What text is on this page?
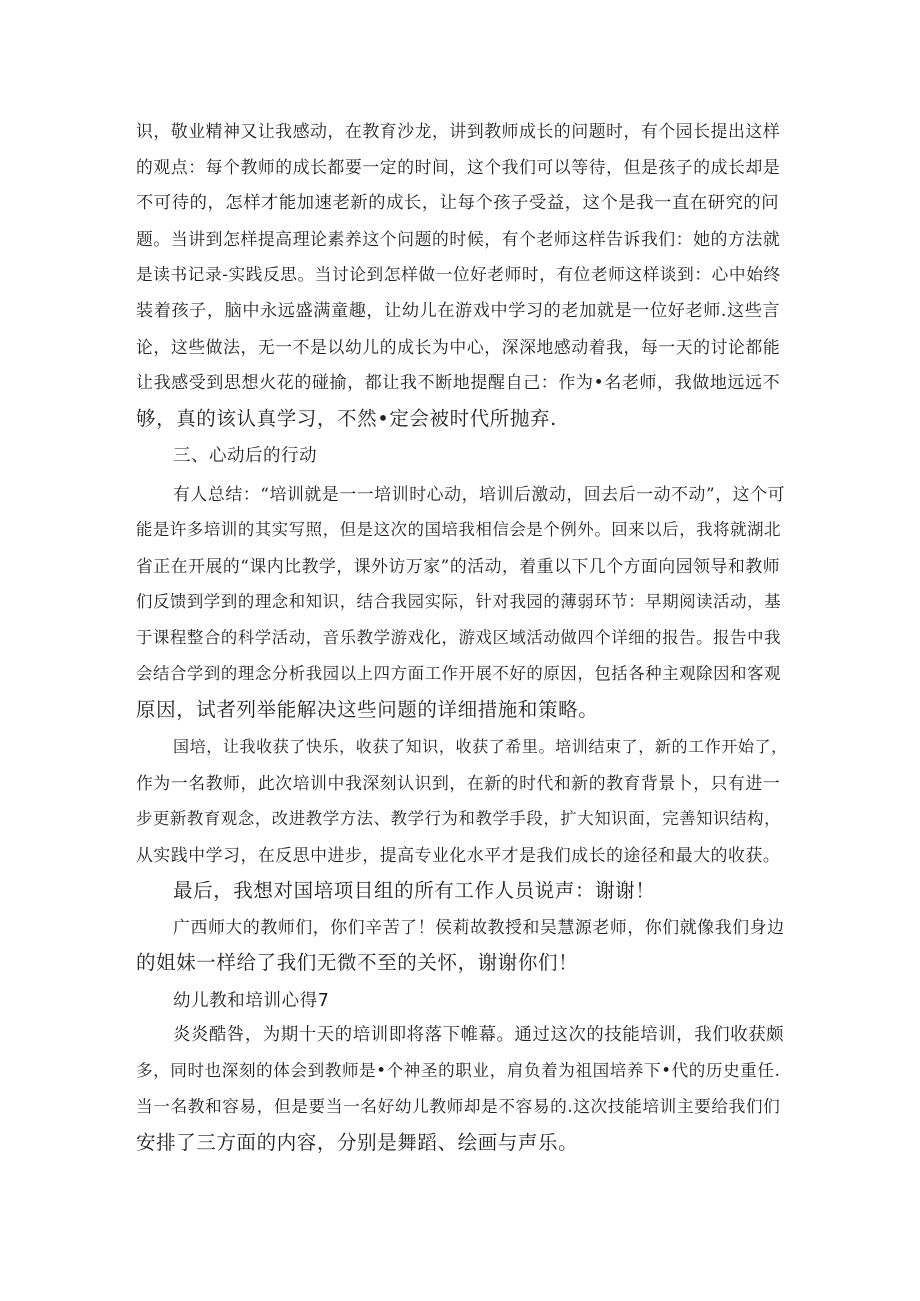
识，敬业精神又让我感动，在教育沙龙，讲到教师成长的问题时，有个园长提出这样
的观点：每个教师的成长都要一定的时间，这个我们可以等待，但是孩子的成长却是
不可待的，怎样才能加速老新的成长，让每个孩子受益，这个是我一直在研究的问
题。当讲到怎样提高理论素养这个问题的时候，有个老师这样告诉我们：她的方法就
是读书记录-实践反思。当讨论到怎样做一位好老师时，有位老师这样谈到：心中始终
装着孩子，脑中永远盛满童趣，让幼儿在游戏中学习的老加就是一位好老师.这些言
论，这些做法，无一不是以幼儿的成长为中心，深深地感动着我，每一天的讨论都能
让我感受到思想火花的碰揄，都让我不断地提醒自己：作为•名老师，我做地远远不
够，真的该认真学习，不然•定会被时代所抛弃.
三、心动后的行动
有人总结：“培训就是一一培训时心动，培训后激动，回去后一动不动”，这个可
能是许多培训的其实写照，但是这次的国培我相信会是个例外。回来以后，我将就湖北
省正在开展的“课内比教学，课外访万家”的活动，着重以下几个方面向园领导和教师
们反馈到学到的理念和知识，结合我园实际，针对我园的薄弱环节：早期阅读活动，基
于课程整合的科学活动，音乐教学游戏化，游戏区域活动做四个详细的报告。报告中我
会结合学到的理念分析我园以上四方面工作开展不好的原因，包括各种主观除因和客观
原因，试者列举能解决这些问题的详细措施和策略。
国培，让我收获了快乐，收获了知识，收获了希里。培训结束了，新的工作开始了，
作为一名教师，此次培训中我深刻认识到，在新的时代和新的教育背景卜，只有进一
步更新教育观念，改进教学方法、教学行为和教学手段，扩大知识面，完善知识结构，
从实践中学习，在反思中进步，提高专业化水平才是我们成长的途径和最大的收获。
最后，我想对国培项目组的所有工作人员说声：谢谢！
广西师大的教师们，你们辛苦了！侯莉故教授和吴慧源老师，你们就像我们身边
的姐妹一样给了我们无微不至的关怀，谢谢你们！
幼儿教和培训心得7
炎炎酷咎，为期十天的培训即将落下帷幕。通过这次的技能培训，我们收获颇
多，同时也深刻的体会到教师是•个神圣的职业，肩负着为祖国培养下•代的历史重任.
当一名教和容易，但是要当一名好幼儿教师却是不容易的.这次技能培训主要给我们们
安排了三方面的内容，分别是舞蹈、绘画与声乐。
